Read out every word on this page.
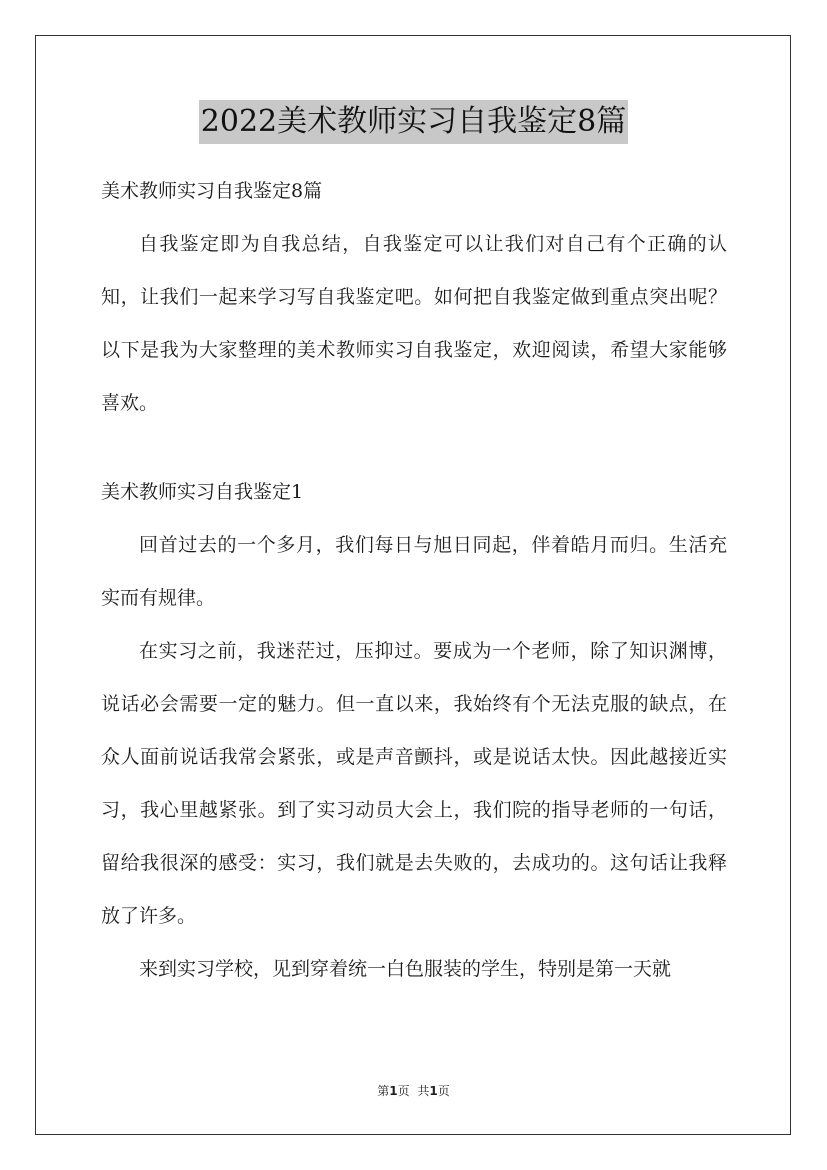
2022美术教师实习自我鉴定8篇

美术教师实习自我鉴定8篇

自我鉴定即为自我总结，自我鉴定可以让我们对自己有个正确的认知，让我们一起来学习写自我鉴定吧。如何把自我鉴定做到重点突出呢？以下是我为大家整理的美术教师实习自我鉴定，欢迎阅读，希望大家能够喜欢。

美术教师实习自我鉴定1

回首过去的一个多月，我们每日与旭日同起，伴着皓月而归。生活充实而有规律。

在实习之前，我迷茫过，压抑过。要成为一个老师，除了知识渊博，说话必会需要一定的魅力。但一直以来，我始终有个无法克服的缺点，在众人面前说话我常会紧张，或是声音颤抖，或是说话太快。因此越接近实习，我心里越紧张。到了实习动员大会上，我们院的指导老师的一句话，留给我很深的感受：实习，我们就是去失败的，去成功的。这句话让我释放了许多。

来到实习学校，见到穿着统一白色服装的学生，特别是第一天就

第1页 共1页
